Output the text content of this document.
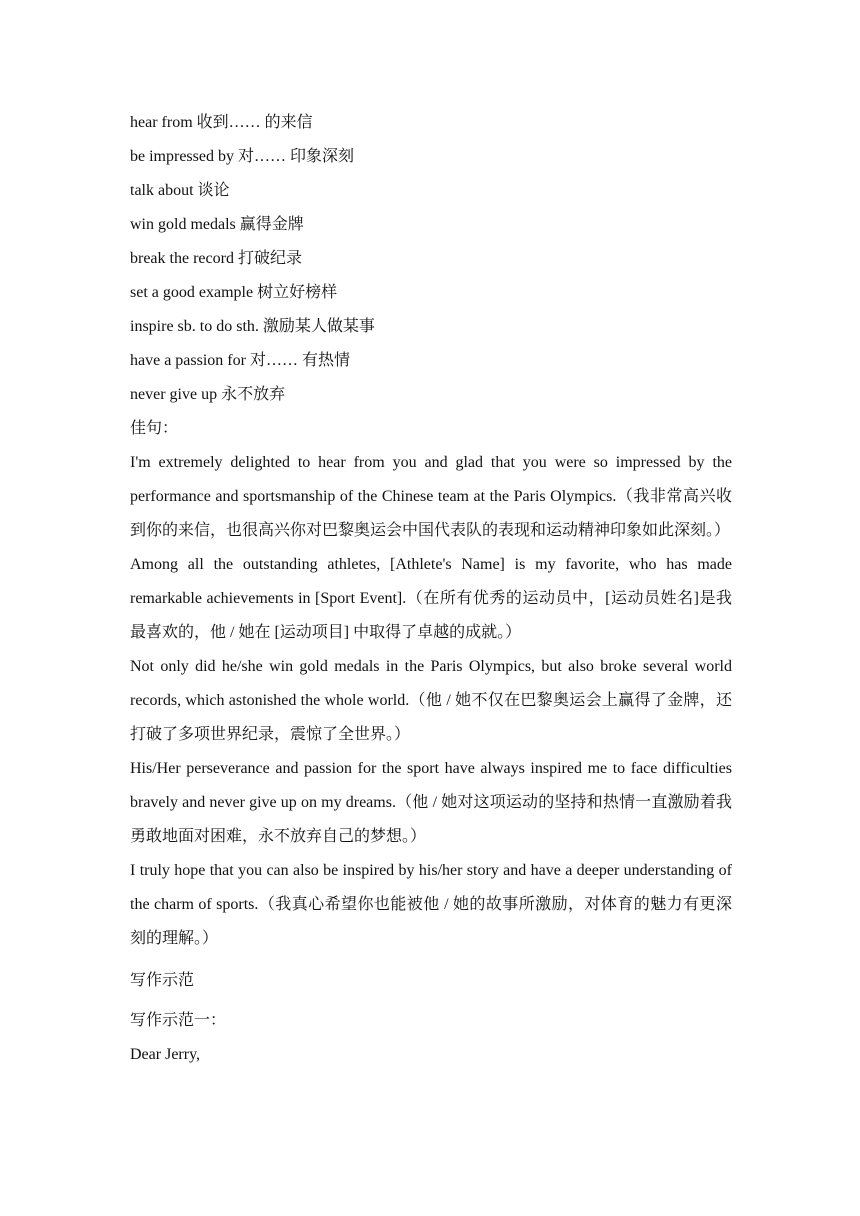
hear from 收到…… 的来信
be impressed by 对…… 印象深刻
talk about 谈论
win gold medals 赢得金牌
break the record 打破纪录
set a good example 树立好榜样
inspire sb. to do sth. 激励某人做某事
have a passion for 对…… 有热情
never give up 永不放弃
佳句：
I'm extremely delighted to hear from you and glad that you were so impressed by the performance and sportsmanship of the Chinese team at the Paris Olympics.（我非常高兴收到你的来信，也很高兴你对巴黎奥运会中国代表队的表现和运动精神印象如此深刻。）
Among all the outstanding athletes, [Athlete's Name] is my favorite, who has made remarkable achievements in [Sport Event].（在所有优秀的运动员中，[运动员姓名]是我最喜欢的，他 / 她在 [运动项目] 中取得了卓越的成就。）
Not only did he/she win gold medals in the Paris Olympics, but also broke several world records, which astonished the whole world.（他 / 她不仅在巴黎奥运会上赢得了金牌，还打破了多项世界纪录，震惊了全世界。）
His/Her perseverance and passion for the sport have always inspired me to face difficulties bravely and never give up on my dreams.（他 / 她对这项运动的坚持和热情一直激励着我勇敢地面对困难，永不放弃自己的梦想。）
I truly hope that you can also be inspired by his/her story and have a deeper understanding of the charm of sports.（我真心希望你也能被他 / 她的故事所激励，对体育的魅力有更深刻的理解。）
写作示范
写作示范一：
Dear Jerry,
